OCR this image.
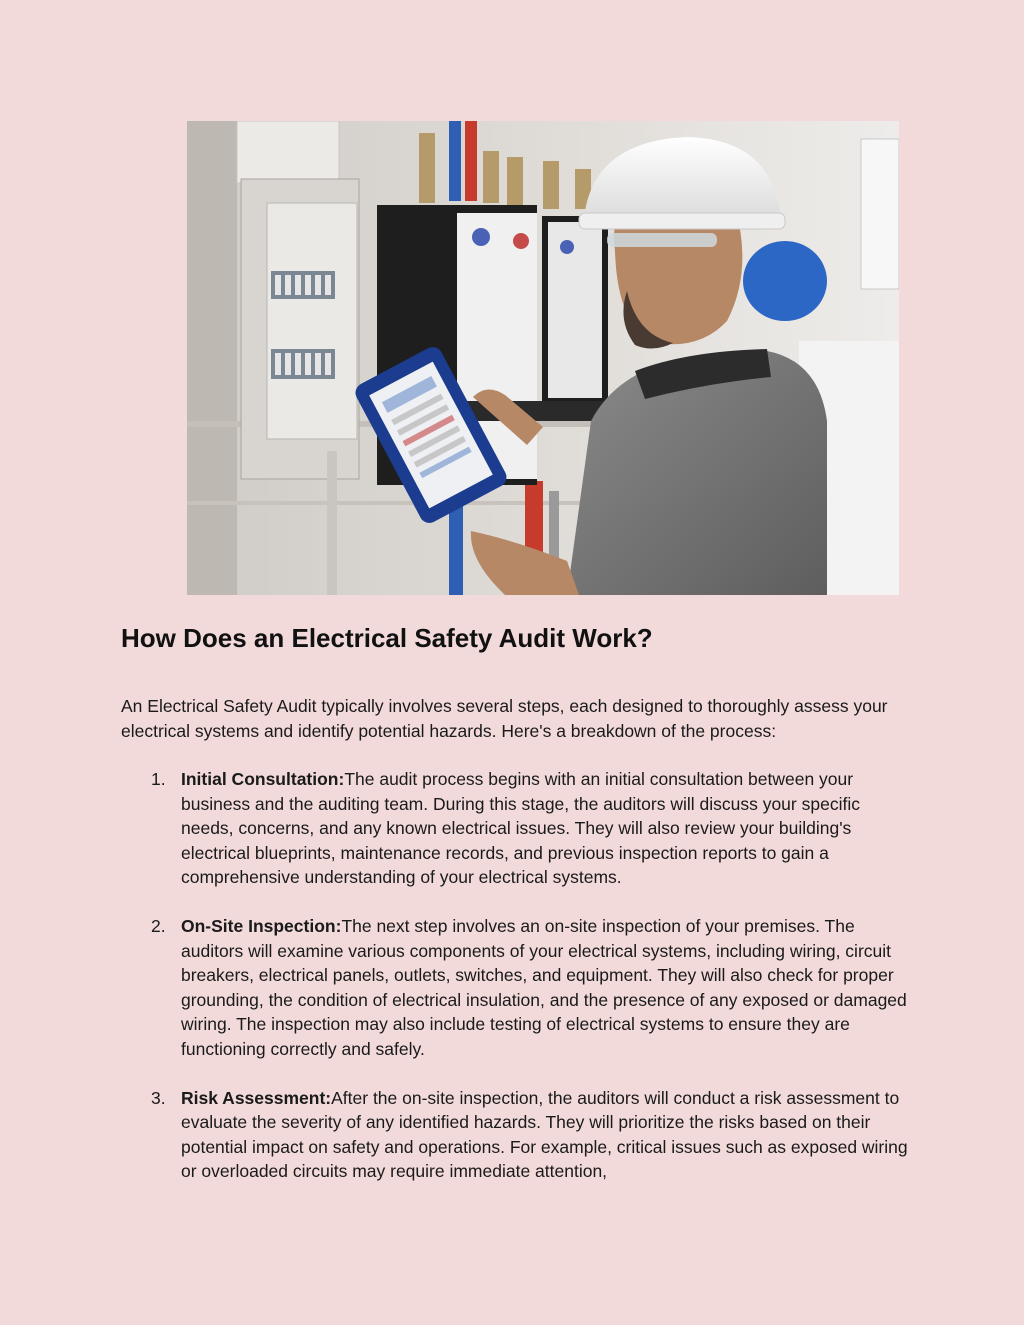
How Does an Electrical Safety Audit Work?

An Electrical Safety Audit typically involves several steps, each designed to thoroughly assess your electrical systems and identify potential hazards. Here's a breakdown of the process:

1. Initial Consultation:The audit process begins with an initial consultation between your business and the auditing team. During this stage, the auditors will discuss your specific needs, concerns, and any known electrical issues. They will also review your building's electrical blueprints, maintenance records, and previous inspection reports to gain a comprehensive understanding of your electrical systems.
2. On-Site Inspection:The next step involves an on-site inspection of your premises. The auditors will examine various components of your electrical systems, including wiring, circuit breakers, electrical panels, outlets, switches, and equipment. They will also check for proper grounding, the condition of electrical insulation, and the presence of any exposed or damaged wiring. The inspection may also include testing of electrical systems to ensure they are functioning correctly and safely.
3. Risk Assessment:After the on-site inspection, the auditors will conduct a risk assessment to evaluate the severity of any identified hazards. They will prioritize the risks based on their potential impact on safety and operations. For example, critical issues such as exposed wiring or overloaded circuits may require immediate attention,
